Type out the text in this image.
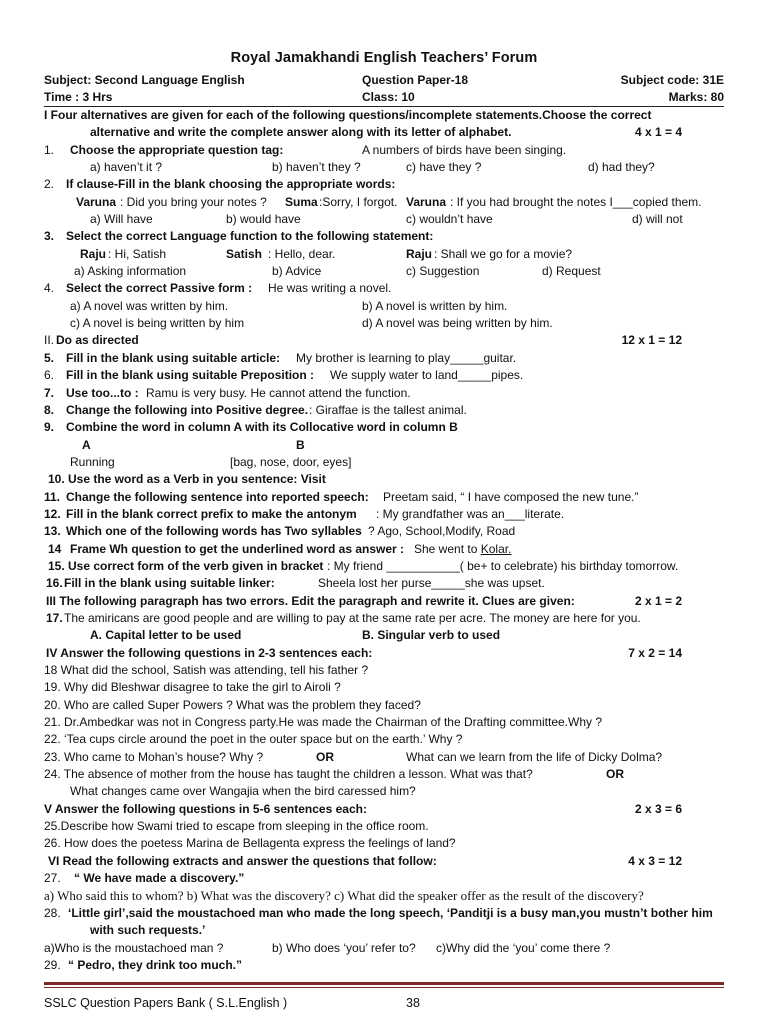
Royal Jamakhandi English Teachers’ Forum
Subject: Second Language English	Question Paper-18	Subject code: 31E
Time : 3 Hrs	Class: 10	Marks: 80
I Four alternatives are given for each of the following questions/incomplete statements.Choose the correct
alternative and write the complete answer along with its letter of alphabet.	4 x 1 = 4
1. Choose the appropriate question tag:	A numbers of birds have been singing.
a) haven’t it ?	b) haven’t they ?	c) have they ?	d) had they?
2. If clause-Fill in the blank choosing the appropriate words:
Varuna : Did you bring your notes ? Suma :Sorry, I forgot. Varuna : If you had brought the notes I___copied them.
a) Will have	b) would have	c) wouldn’t have	d) will not
3. Select the correct Language function to the following statement:
Raju : Hi, Satish	Satish : Hello, dear.	Raju : Shall we go for a movie?
a) Asking information	b) Advice	c) Suggestion	d) Request
4. Select the correct Passive form : He was writing a novel.
a) A novel was written by him.	b) A novel is written by him.
c) A novel is being written by him	d) A novel was being written by him.
II. Do as directed	12 x 1 = 12
5. Fill in the blank using suitable article: My brother is learning to play_____guitar.
6. Fill in the blank using suitable Preposition : We supply water to land_____pipes.
7. Use too...to : Ramu is very busy. He cannot attend the function.
8. Change the following into Positive degree. : Giraffae is the tallest animal.
9. Combine the word in column A with its Collocative word in column B
A	B
Running	[bag, nose, door, eyes]
10. Use the word as a Verb in you sentence: Visit
11. Change the following sentence into reported speech: Preetam said, “ I have composed the new tune.”
12. Fill in the blank correct prefix to make the antonym : My grandfather was an___literate.
13. Which one of the following words has Two syllables ? Ago, School,Modify, Road
14 Frame Wh question to get the underlined word as answer : She went to Kolar.
15. Use correct form of the verb given in bracket : My friend ___________( be+ to celebrate) his birthday tomorrow.
16. Fill in the blank using suitable linker:	Sheela lost her purse_____she was upset.
III The following paragraph has two errors. Edit the paragraph and rewrite it. Clues are given:	2 x 1 = 2
17. The amiricans are good people and are willing to pay at the same rate per acre. The money are here for you.
A. Capital letter to be used	B. Singular verb to used
IV Answer the following questions in 2-3 sentences each:	7 x 2 = 14
18 What did the school, Satish was attending, tell his father ?
19. Why did Bleshwar disagree to take the girl to Airoli ?
20. Who are called Super Powers ? What was the problem they faced?
21. Dr.Ambedkar was not in Congress party.He was made the Chairman of the Drafting committee.Why ?
22. ‘Tea cups circle around the poet in the outer space but on the earth.’ Why ?
23. Who came to Mohan’s house? Why ?	OR	What can we learn from the life of Dicky Dolma?
24. The absence of mother from the house has taught the children a lesson. What was that?	OR
What changes came over Wangajia when the bird caressed him?
V Answer the following questions in 5-6 sentences each:	2 x 3 = 6
25.Describe how Swami tried to escape from sleeping in the office room.
26. How does the poetess Marina de Bellagenta express the feelings of land?
VI Read the following extracts and answer the questions that follow:	4 x 3 = 12
27. “ We have made a discovery.”
a) Who said this to whom? b) What was the discovery? c) What did the speaker offer as the result of the discovery?
28. ‘Little girl’,said the moustachoed man who made the long speech, ‘Panditji is a busy man,you mustn’t bother him
with such requests.’
a)Who is the moustachoed man ?	b) Who does ‘you’ refer to? c)Why did the ‘you’ come there ?
29. “ Pedro, they drink too much.”
SSLC Question Papers Bank ( S.L.English )	38
